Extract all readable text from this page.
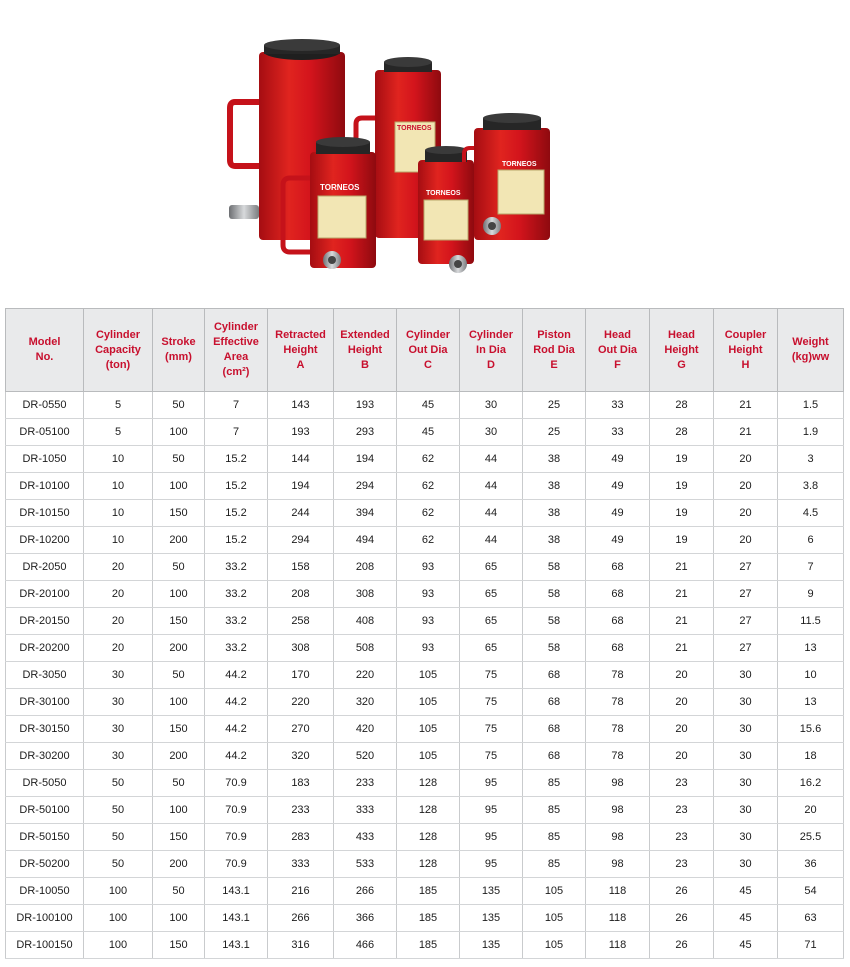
TORNEOS
TORNEOS
TORNEOS
TORNEOS
Model
No.	Cylinder
Capacity
(ton)	Stroke
(mm)	Cylinder
Effective
Area
(cm²)	Retracted
Height
A	Extended
Height
B	Cylinder
Out Dia
C	Cylinder
In Dia
D	Piston
Rod Dia
E	Head
Out Dia
F	Head
Height
G	Coupler
Height
H	Weight
(kg)ww
DR-0550	5	50	7	143	193	45	30	25	33	28	21	1.5
DR-05100	5	100	7	193	293	45	30	25	33	28	21	1.9
DR-1050	10	50	15.2	144	194	62	44	38	49	19	20	3
DR-10100	10	100	15.2	194	294	62	44	38	49	19	20	3.8
DR-10150	10	150	15.2	244	394	62	44	38	49	19	20	4.5
DR-10200	10	200	15.2	294	494	62	44	38	49	19	20	6
DR-2050	20	50	33.2	158	208	93	65	58	68	21	27	7
DR-20100	20	100	33.2	208	308	93	65	58	68	21	27	9
DR-20150	20	150	33.2	258	408	93	65	58	68	21	27	11.5
DR-20200	20	200	33.2	308	508	93	65	58	68	21	27	13
DR-3050	30	50	44.2	170	220	105	75	68	78	20	30	10
DR-30100	30	100	44.2	220	320	105	75	68	78	20	30	13
DR-30150	30	150	44.2	270	420	105	75	68	78	20	30	15.6
DR-30200	30	200	44.2	320	520	105	75	68	78	20	30	18
DR-5050	50	50	70.9	183	233	128	95	85	98	23	30	16.2
DR-50100	50	100	70.9	233	333	128	95	85	98	23	30	20
DR-50150	50	150	70.9	283	433	128	95	85	98	23	30	25.5
DR-50200	50	200	70.9	333	533	128	95	85	98	23	30	36
DR-10050	100	50	143.1	216	266	185	135	105	118	26	45	54
DR-100100	100	100	143.1	266	366	185	135	105	118	26	45	63
DR-100150	100	150	143.1	316	466	185	135	105	118	26	45	71
